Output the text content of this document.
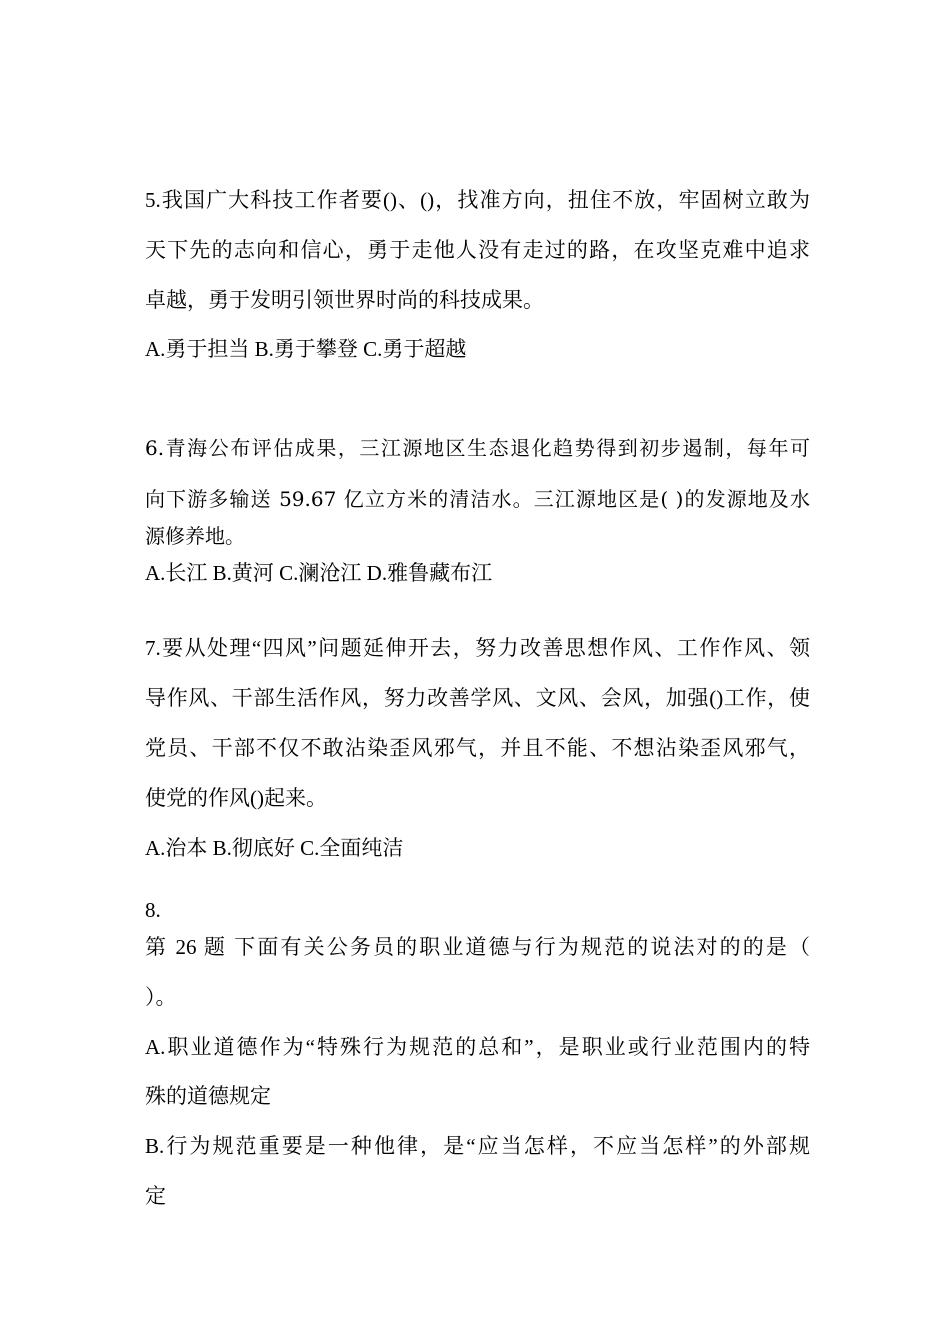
5.我国广大科技工作者要()、()，找准方向，扭住不放，牢固树立敢为
天下先的志向和信心，勇于走他人没有走过的路，在攻坚克难中追求
卓越，勇于发明引领世界时尚的科技成果。
A.勇于担当 B.勇于攀登 C.勇于超越
6.青海公布评估成果，三江源地区生态退化趋势得到初步遏制，每年可
向下游多输送 59.67 亿立方米的清洁水。三江源地区是( )的发源地及水
源修养地。
A.长江 B.黄河 C.澜沧江 D.雅鲁藏布江
7.要从处理“四风”问题延伸开去，努力改善思想作风、工作作风、领
导作风、干部生活作风，努力改善学风、文风、会风，加强()工作，使
党员、干部不仅不敢沾染歪风邪气，并且不能、不想沾染歪风邪气，
使党的作风()起来。
A.治本 B.彻底好 C.全面纯洁
8.
第 26 题 下面有关公务员的职业道德与行为规范的说法对的的是（
）。
A.职业道德作为“特殊行为规范的总和”，是职业或行业范围内的特
殊的道德规定
B.行为规范重要是一种他律，是“应当怎样，不应当怎样”的外部规
定
